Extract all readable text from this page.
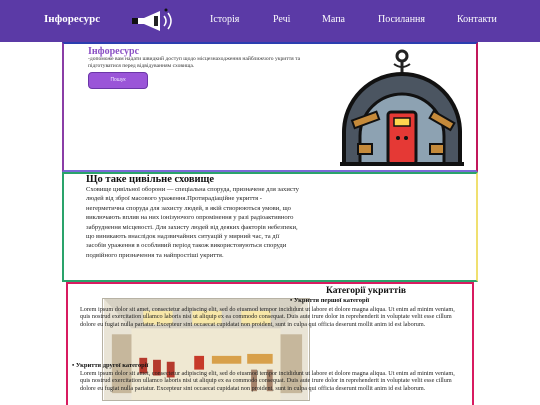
Інфоресурс	Історія	Речі	Мапа	Посилання	Контакти
Інфоресурс
-допоможе вам надати швидкий доступ щодо місцезнаходження найближчого укриття та підготуватися перед відвідуванням сховища.
Пошук
Що таке цивільне сховище
Сховище цивільної оборони — спеціальна споруда, призначене для захисту людей від зброї масового ураження.Протирадіаційне укриття - негерметична споруда для захисту людей, в якій створюються умови, що виключають вплив на них іонізуючого опромінення у разі радіоактивного забруднення місцевості. Для захисту людей від деяких факторів небезпеки, що виникають внаслідок надзвичайних ситуацій у мирний час, та дії засобів ураження в особливий період також використовуються споруди подвійного призначення та найпростіші укриття.
Категорії укриттів
• Укриття першої категорії
Lorem ipsum dolor sit amet, consectetur adipiscing elit, sed do eiusmod tempor incididunt ut labore et dolore magna aliqua. Ut enim ad minim veniam, quis nostrud exercitation ullamco laboris nisi ut aliquip ex ea commodo consequat. Duis aute irure dolor in reprehenderit in voluptate velit esse cillum dolore eu fugiat nulla pariatur. Excepteur sint occaecat cupidatat non proident, sunt in culpa qui officia deserunt mollit anim id est laborum.
• Укриття другої категорії
Lorem ipsum dolor sit amet, consectetur adipiscing elit, sed do eiusmod tempor incididunt ut labore et dolore magna aliqua. Ut enim ad minim veniam, quis nostrud exercitation ullamco laboris nisi ut aliquip ex ea commodo consequat. Duis aute irure dolor in reprehenderit in voluptate velit esse cillum dolore eu fugiat nulla pariatur. Excepteur sint occaecat cupidatat non proident, sunt in culpa qui officia deserunt mollit anim id est laborum.
